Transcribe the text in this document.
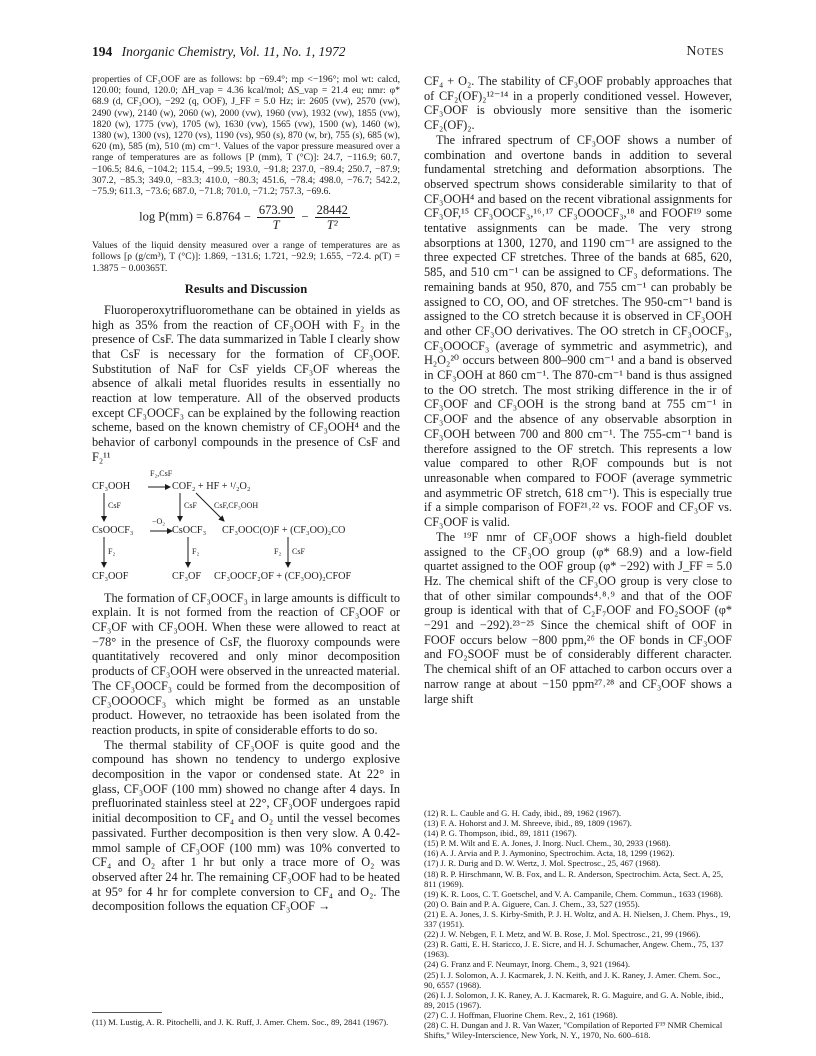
194 Inorganic Chemistry, Vol. 11, No. 1, 1972	Notes

properties of CF₃OOF are as follows: bp −69.4°; mp <−196°; mol wt: calcd, 120.00; found, 120.0; ΔH_vap = 4.36 kcal/mol; ΔS_vap = 21.4 eu; nmr: φ* 68.9 (d, CF₃OO), −292 (q, OOF), J_FF = 5.0 Hz; ir: 2605 (vw), 2570 (vw), 2490 (vw), 2140 (w), 2060 (w), 2000 (vw), 1960 (vw), 1932 (vw), 1855 (vw), 1820 (w), 1775 (vw), 1705 (w), 1630 (vw), 1565 (vw), 1500 (w), 1460 (w), 1380 (w), 1300 (vs), 1270 (vs), 1190 (vs), 950 (s), 870 (w, br), 755 (s), 685 (w), 620 (m), 585 (m), 510 (m) cm⁻¹. Values of the vapor pressure measured over a range of temperatures are as follows [P (mm), T (°C)]: 24.7, −116.9; 60.7, −106.5; 84.6, −104.2; 115.4, −99.5; 193.0, −91.8; 237.0, −89.4; 250.7, −87.9; 307.2, −85.3; 349.0, −83.3; 410.0, −80.3; 451.6, −78.4; 498.0, −76.7; 542.2, −75.9; 611.3, −73.6; 687.0, −71.8; 701.0, −71.2; 757.3, −69.6.

$\log P(mm) = 6.8764 - \frac{673.90}{T} - \frac{28442}{\text{T²}}$

Values of the liquid density measured over a range of temperatures are as follows [ρ (g/cm³), T (°C)]: 1.869, −131.6; 1.721, −92.9; 1.655, −72.4. ρ(T) = 1.3875 − 0.00365T.

Results and Discussion

Fluoroperoxytrifluoromethane can be obtained in yields as high as 35% from the reaction of CF₃OOH with F₂ in the presence of CsF. The data summarized in Table I clearly show that CsF is necessary for the formation of CF₃OOF. Substitution of NaF for CsF yields CF₃OF whereas the absence of alkali metal fluorides results in essentially no reaction at low temperature. All of the observed products except CF₃OOCF₃ can be explained by the following reaction scheme, based on the known chemistry of CF₃OOH⁴ and the behavior of carbonyl compounds in the presence of CsF and F₂¹¹

F₂,CsF
CF₃OOH	COF₂ + HF + ¹/₂O₂
CsF	CsF CsF,CF₃OOH
−O₂
CsOOCF₃	CsOCF₃ CF₃OOC(O)F + (CF₃OO)₂CO
F₂	F₂	F₂ CsF
CF₃OOF	CF₃OF CF₃OOCF₂OF + (CF₃OO)₂CFOF

The formation of CF₃OOCF₃ in large amounts is difficult to explain. It is not formed from the reaction of CF₃OOF or CF₃OF with CF₃OOH. When these were allowed to react at −78° in the presence of CsF, the fluoroxy compounds were quantitatively recovered and only minor decomposition products of CF₃OOH were observed in the unreacted material. The CF₃OOCF₃ could be formed from the decomposition of CF₃OOOOCF₃ which might be formed as an unstable product. However, no tetraoxide has been isolated from the reaction products, in spite of considerable efforts to do so.

The thermal stability of CF₃OOF is quite good and the compound has shown no tendency to undergo explosive decomposition in the vapor or condensed state. At 22° in glass, CF₃OOF (100 mm) showed no change after 4 days. In prefluorinated stainless steel at 22°, CF₃OOF undergoes rapid initial decomposition to CF₄ and O₂ until the vessel becomes passivated. Further decomposition is then very slow. A 0.42-mmol sample of CF₃OOF (100 mm) was 10% converted to CF₄ and O₂ after 1 hr but only a trace more of O₂ was observed after 24 hr. The remaining CF₃OOF had to be heated at 95° for 4 hr for complete conversion to CF₄ and O₂. The decomposition follows the equation CF₃OOF →

(11) M. Lustig, A. R. Pitochelli, and J. K. Ruff, J. Amer. Chem. Soc., 89, 2841 (1967).

CF₄ + O₂. The stability of CF₃OOF probably approaches that of CF₂(OF)₂¹²⁻¹⁴ in a properly conditioned vessel. However, CF₃OOF is obviously more sensitive than the isomeric CF₂(OF)₂.

The infrared spectrum of CF₃OOF shows a number of combination and overtone bands in addition to several fundamental stretching and deformation absorptions. The observed spectrum shows considerable similarity to that of CF₃OOH⁴ and based on the recent vibrational assignments for CF₃OF,¹⁵ CF₃OOCF₃,¹⁶˒¹⁷ CF₃OOOCF₃,¹⁸ and FOOF¹⁹ some tentative assignments can be made. The very strong absorptions at 1300, 1270, and 1190 cm⁻¹ are assigned to the three expected CF stretches. Three of the bands at 685, 620, 585, and 510 cm⁻¹ can be assigned to CF₃ deformations. The remaining bands at 950, 870, and 755 cm⁻¹ can probably be assigned to CO, OO, and OF stretches. The 950-cm⁻¹ band is assigned to the CO stretch because it is observed in CF₃OOH and other CF₃OO derivatives. The OO stretch in CF₃OOCF₃, CF₃OOOCF₃ (average of symmetric and asymmetric), and H₂O₂²⁰ occurs between 800–900 cm⁻¹ and a band is observed in CF₃OOH at 860 cm⁻¹. The 870-cm⁻¹ band is thus assigned to the OO stretch. The most striking difference in the ir of CF₃OOF and CF₃OOH is the strong band at 755 cm⁻¹ in CF₃OOF and the absence of any observable absorption in CF₃OOH between 700 and 800 cm⁻¹. The 755-cm⁻¹ band is therefore assigned to the OF stretch. This represents a low value compared to other RᵢOF compounds but is not unreasonable when compared to FOOF (average symmetric and asymmetric OF stretch, 618 cm⁻¹). This is especially true if a simple comparison of FOF²¹˒²² vs. FOOF and CF₃OF vs. CF₃OOF is valid.

The ¹⁹F nmr of CF₃OOF shows a high-field doublet assigned to the CF₃OO group (φ* 68.9) and a low-field quartet assigned to the OOF group (φ* −292) with J_FF = 5.0 Hz. The chemical shift of the CF₃OO group is very close to that of other similar compounds⁴˒⁸˒⁹ and that of the OOF group is identical with that of C₂F₇OOF and FO₂SOOF (φ* −291 and −292).²³⁻²⁵ Since the chemical shift of OOF in FOOF occurs below −800 ppm,²⁶ the OF bonds in CF₃OOF and FO₂SOOF must be of considerably different character. The chemical shift of an OF attached to carbon occurs over a narrow range at about −150 ppm²⁷˒²⁸ and CF₃OOF shows a large shift

(12) R. L. Cauble and G. H. Cady, ibid., 89, 1962 (1967).

(13) F. A. Hohorst and J. M. Shreeve, ibid., 89, 1809 (1967).

(14) P. G. Thompson, ibid., 89, 1811 (1967).

(15) P. M. Wilt and E. A. Jones, J. Inorg. Nucl. Chem., 30, 2933 (1968).

(16) A. J. Arvia and P. J. Aymonino, Spectrochim. Acta, 18, 1299 (1962).

(17) J. R. Durig and D. W. Wertz, J. Mol. Spectrosc., 25, 467 (1968).

(18) R. P. Hirschmann, W. B. Fox, and L. R. Anderson, Spectrochim. Acta, Sect. A, 25, 811 (1969).

(19) K. R. Loos, C. T. Goetschel, and V. A. Campanile, Chem. Commun., 1633 (1968).

(20) O. Bain and P. A. Giguere, Can. J. Chem., 33, 527 (1955).

(21) E. A. Jones, J. S. Kirby-Smith, P. J. H. Woltz, and A. H. Nielsen, J. Chem. Phys., 19, 337 (1951).

(22) J. W. Nebgen, F. I. Metz, and W. B. Rose, J. Mol. Spectrosc., 21, 99 (1966).

(23) R. Gatti, E. H. Staricco, J. E. Sicre, and H. J. Schumacher, Angew. Chem., 75, 137 (1963).

(24) G. Franz and F. Neumayr, Inorg. Chem., 3, 921 (1964).

(25) I. J. Solomon, A. J. Kacmarek, J. N. Keith, and J. K. Raney, J. Amer. Chem. Soc., 90, 6557 (1968).

(26) I. J. Solomon, J. K. Raney, A. J. Kacmarek, R. G. Maguire, and G. A. Noble, ibid., 89, 2015 (1967).

(27) C. J. Hoffman, Fluorine Chem. Rev., 2, 161 (1968).

(28) C. H. Dungan and J. R. Van Wazer, "Compilation of Reported F¹⁹ NMR Chemical Shifts," Wiley-Interscience, New York, N. Y., 1970, No. 600–618.
